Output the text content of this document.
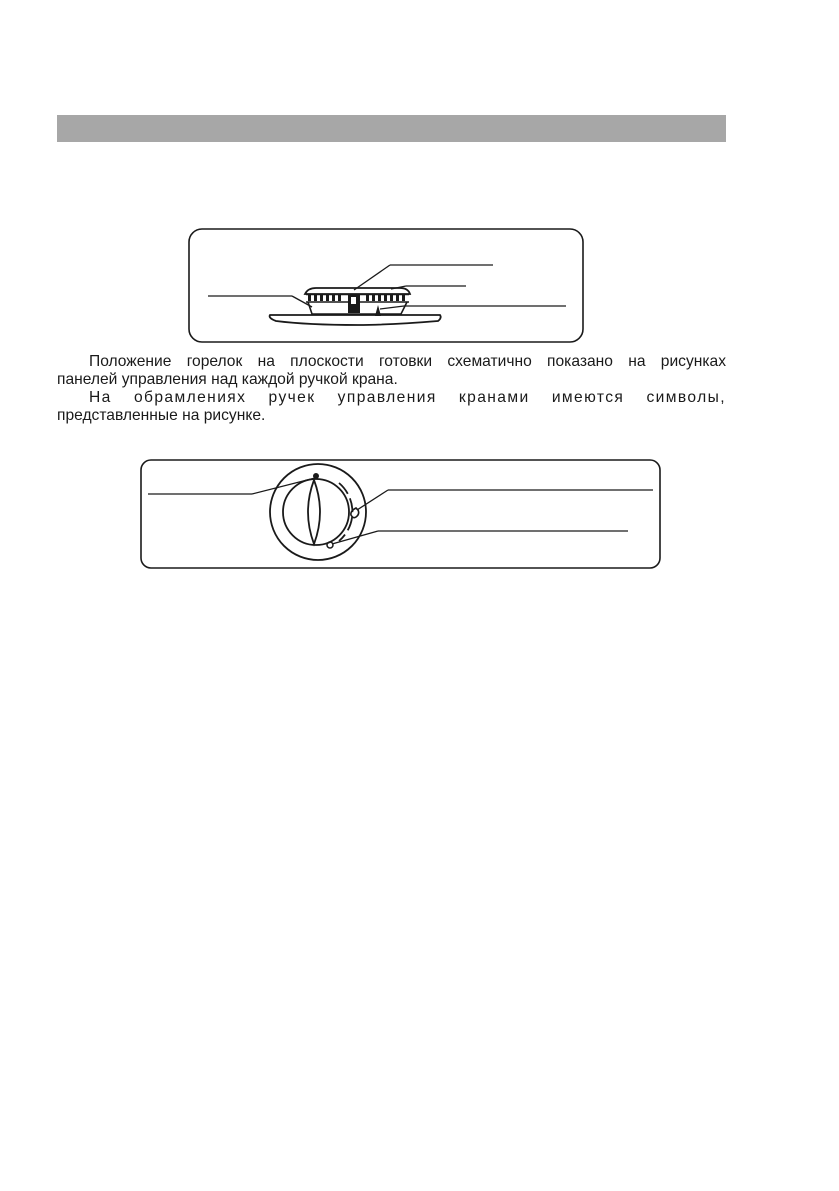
Положение горелок на плоскости готовки схематично показано на рисунках
панелей управления над каждой ручкой крана.

На обрамлениях ручек управления кранами имеются символы,

представленные на рисунке.
